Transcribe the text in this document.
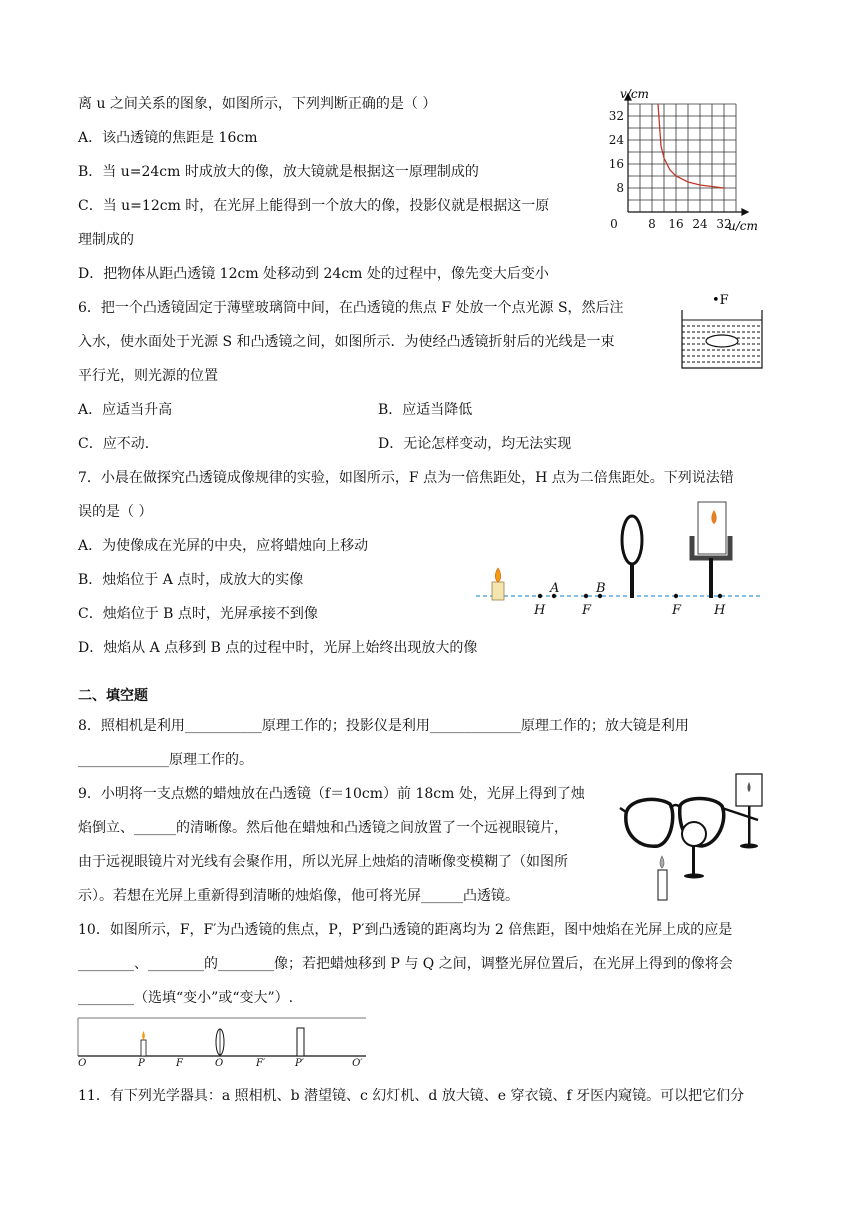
离 u 之间关系的图象，如图所示，下列判断正确的是（ ）
A．该凸透镜的焦距是 16cm
B．当 u=24cm 时成放大的像，放大镜就是根据这一原理制成的
C．当 u=12cm 时，在光屏上能得到一个放大的像，投影仪就是根据这一原
理制成的
D．把物体从距凸透镜 12cm 处移动到 24cm 处的过程中，像先变大后变小
8
16
24
32
0	8 16 24 32
v/cm
u/cm
6．把一个凸透镜固定于薄壁玻璃筒中间，在凸透镜的焦点 F 处放一个点光源 S，然后注
入水，使水面处于光源 S 和凸透镜之间，如图所示．为使经凸透镜折射后的光线是一束
平行光，则光源的位置
A．应适当升高	B．应适当降低
C．应不动．	D．无论怎样变动，均无法实现
•F
7．小晨在做探究凸透镜成像规律的实验，如图所示，F 点为一倍焦距处，H 点为二倍焦距处。下列说法错
误的是（ ）
A．为使像成在光屏的中央，应将蜡烛向上移动
B．烛焰位于 A 点时，成放大的实像
C．烛焰位于 B 点时，光屏承接不到像
D．烛焰从 A 点移到 B 点的过程中时，光屏上始终出现放大的像
A	B
H	F	F	H
二、填空题
8．照相机是利用___________原理工作的；投影仪是利用_____________原理工作的；放大镜是利用
_____________原理工作的。
9．小明将一支点燃的蜡烛放在凸透镜（f＝10cm）前 18cm 处，光屏上得到了烛
焰倒立、______的清晰像。然后他在蜡烛和凸透镜之间放置了一个远视眼镜片，
由于远视眼镜片对光线有会聚作用，所以光屏上烛焰的清晰像变模糊了（如图所
示）。若想在光屏上重新得到清晰的烛焰像，他可将光屏______凸透镜。
10．如图所示，F，F′为凸透镜的焦点，P，P′到凸透镜的距离均为 2 倍焦距，图中烛焰在光屏上成的应是
________、________的________像；若把蜡烛移到 P 与 Q 之间，调整光屏位置后，在光屏上得到的像将会
________（选填“变小”或“变大”）.
Q	P	F	O	F′	P′	Q′
11．有下列光学器具：a 照相机、b 潜望镜、c 幻灯机、d 放大镜、e 穿衣镜、f 牙医内窥镜。可以把它们分
